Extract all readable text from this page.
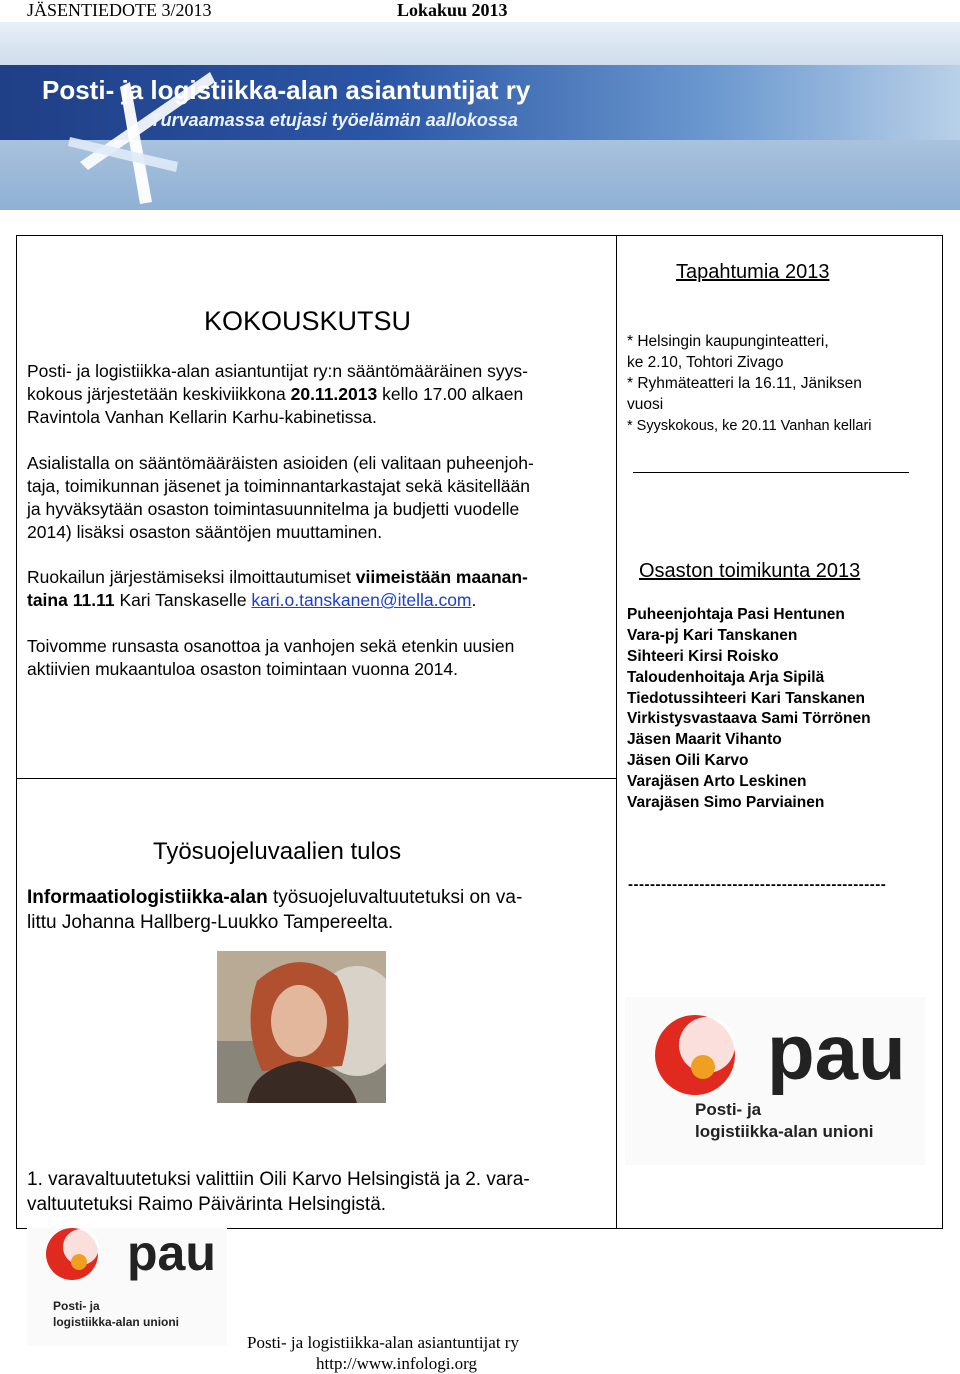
JÄSENTIEDOTE 3/2013	Lokakuu 2013
Posti- ja logistiikka-alan asiantuntijat ry
Turvaamassa etujasi työelämän aallokossa
KOKOUSKUTSU
Posti- ja logistiikka-alan asiantuntijat ry:n sääntömääräinen syys-
kokous järjestetään keskiviikkona 20.11.2013 kello 17.00 alkaen
Ravintola Vanhan Kellarin Karhu-kabinetissa.
Asialistalla on sääntömääräisten asioiden (eli valitaan puheenjoh-
taja, toimikunnan jäsenet ja toiminnantarkastajat sekä käsitellään
ja hyväksytään osaston toimintasuunnitelma ja budjetti vuodelle
2014) lisäksi osaston sääntöjen muuttaminen.
Ruokailun järjestämiseksi ilmoittautumiset viimeistään maanan-
taina 11.11 Kari Tanskaselle kari.o.tanskanen@itella.com.
Toivomme runsasta osanottoa ja vanhojen sekä etenkin uusien
aktiivien mukaantuloa osaston toimintaan vuonna 2014.
Tapahtumia 2013
* Helsingin kaupunginteatteri,
ke 2.10, Tohtori Zivago
* Ryhmäteatteri la 16.11, Jäniksen
vuosi
* Syyskokous, ke 20.11 Vanhan kellari
Osaston toimikunta 2013
Puheenjohtaja Pasi Hentunen
Vara-pj Kari Tanskanen
Sihteeri Kirsi Roisko
Taloudenhoitaja Arja Sipilä
Tiedotussihteeri Kari Tanskanen
Virkistysvastaava Sami Törrönen
Jäsen Maarit Vihanto
Jäsen Oili Karvo
Varajäsen Arto Leskinen
Varajäsen Simo Parviainen
-----------------------------------------------
Työsuojeluvaalien tulos
Informaatiologistiikka-alan työsuojeluvaltuutetuksi on va-
littu Johanna Hallberg-Luukko Tampereelta.
1. varavaltuutetuksi valittiin Oili Karvo Helsingistä ja 2. vara-
valtuutetuksi Raimo Päivärinta Helsingistä.
pau
Posti- ja
logistiikka-alan unioni
pau
Posti- ja
logistiikka-alan unioni
Posti- ja logistiikka-alan asiantuntijat ry
http://www.infologi.org
